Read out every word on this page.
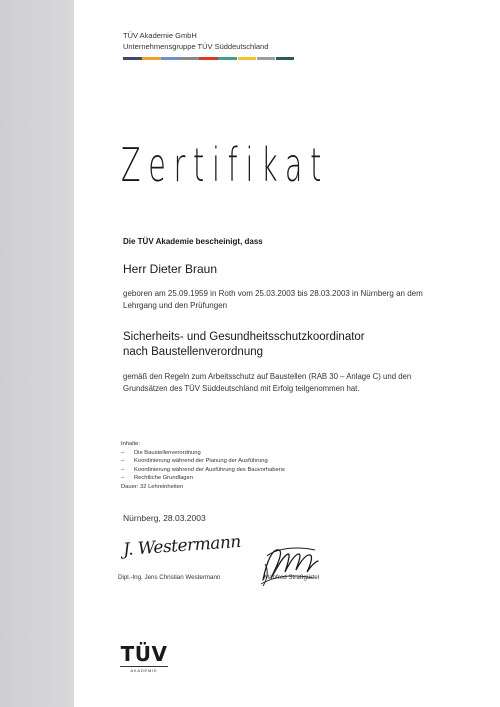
TÜV Akademie GmbH
Unternehmensgruppe TÜV Süddeutschland
Zertifikat
Die TÜV Akademie bescheinigt, dass
Herr Dieter Braun
geboren am 25.09.1959 in Roth vom 25.03.2003 bis 28.03.2003 in Nürnberg an dem Lehrgang und den Prüfungen
Sicherheits- und Gesundheitsschutzkoordinator
nach Baustellenverordnung
gemäß den Regeln zum Arbeitsschutz auf Baustellen (RAB 30 – Anlage C) und den Grundsätzen des TÜV Süddeutschland mit Erfolg teilgenommen hat.
Inhalte:
– Die Baustellenverordnung
– Koordinierung während der Planung der Ausführung
– Koordinierung während der Ausführung des Bauvorhabens
– Rechtliche Grundlagen
Dauer: 32 Lehreinheiten
Nürnberg, 28.03.2003
J. Westermann
Dipl.-Ing. Jens Christian Westermann	Manfred Straßgürtel
TÜV
AKADEMIE
